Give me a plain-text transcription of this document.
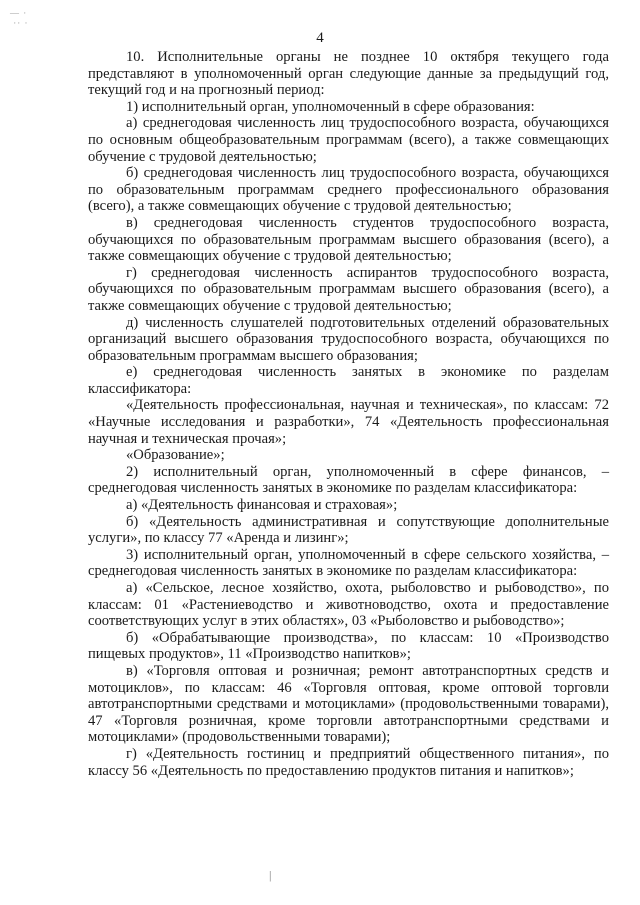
— ·
·· ·
4

10. Исполнительные органы не позднее 10 октября текущего года представляют в уполномоченный орган следующие данные за предыдущий год, текущий год и на прогнозный период:

1) исполнительный орган, уполномоченный в сфере образования:

а) среднегодовая численность лиц трудоспособного возраста, обучающихся по основным общеобразовательным программам (всего), а также совмещающих обучение с трудовой деятельностью;

б) среднегодовая численность лиц трудоспособного возраста, обучающихся по образовательным программам среднего профессионального образования (всего), а также совмещающих обучение с трудовой деятельностью;

в) среднегодовая численность студентов трудоспособного возраста, обучающихся по образовательным программам высшего образования (всего), а также совмещающих обучение с трудовой деятельностью;

г) среднегодовая численность аспирантов трудоспособного возраста, обучающихся по образовательным программам высшего образования (всего), а также совмещающих обучение с трудовой деятельностью;

д) численность слушателей подготовительных отделений образовательных организаций высшего образования трудоспособного возраста, обучающихся по образовательным программам высшего образования;

е) среднегодовая численность занятых в экономике по разделам классификатора:

«Деятельность профессиональная, научная и техническая», по классам: 72 «Научные исследования и разработки», 74 «Деятельность профессиональная научная и техническая прочая»;

«Образование»;

2) исполнительный орган, уполномоченный в сфере финансов, – среднегодовая численность занятых в экономике по разделам классификатора:

а) «Деятельность финансовая и страховая»;

б) «Деятельность административная и сопутствующие дополнительные услуги», по классу 77 «Аренда и лизинг»;

3) исполнительный орган, уполномоченный в сфере сельского хозяйства, – среднегодовая численность занятых в экономике по разделам классификатора:

а) «Сельское, лесное хозяйство, охота, рыболовство и рыбоводство», по классам: 01 «Растениеводство и животноводство, охота и предоставление соответствующих услуг в этих областях», 03 «Рыболовство и рыбоводство»;

б) «Обрабатывающие производства», по классам: 10 «Производство пищевых продуктов», 11 «Производство напитков»;

в) «Торговля оптовая и розничная; ремонт автотранспортных средств и мотоциклов», по классам: 46 «Торговля оптовая, кроме оптовой торговли автотранспортными средствами и мотоциклами» (продовольственными товарами), 47 «Торговля розничная, кроме торговли автотранспортными средствами и мотоциклами» (продовольственными товарами);

г) «Деятельность гостиниц и предприятий общественного питания», по классу 56 «Деятельность по предоставлению продуктов питания и напитков»;

|
